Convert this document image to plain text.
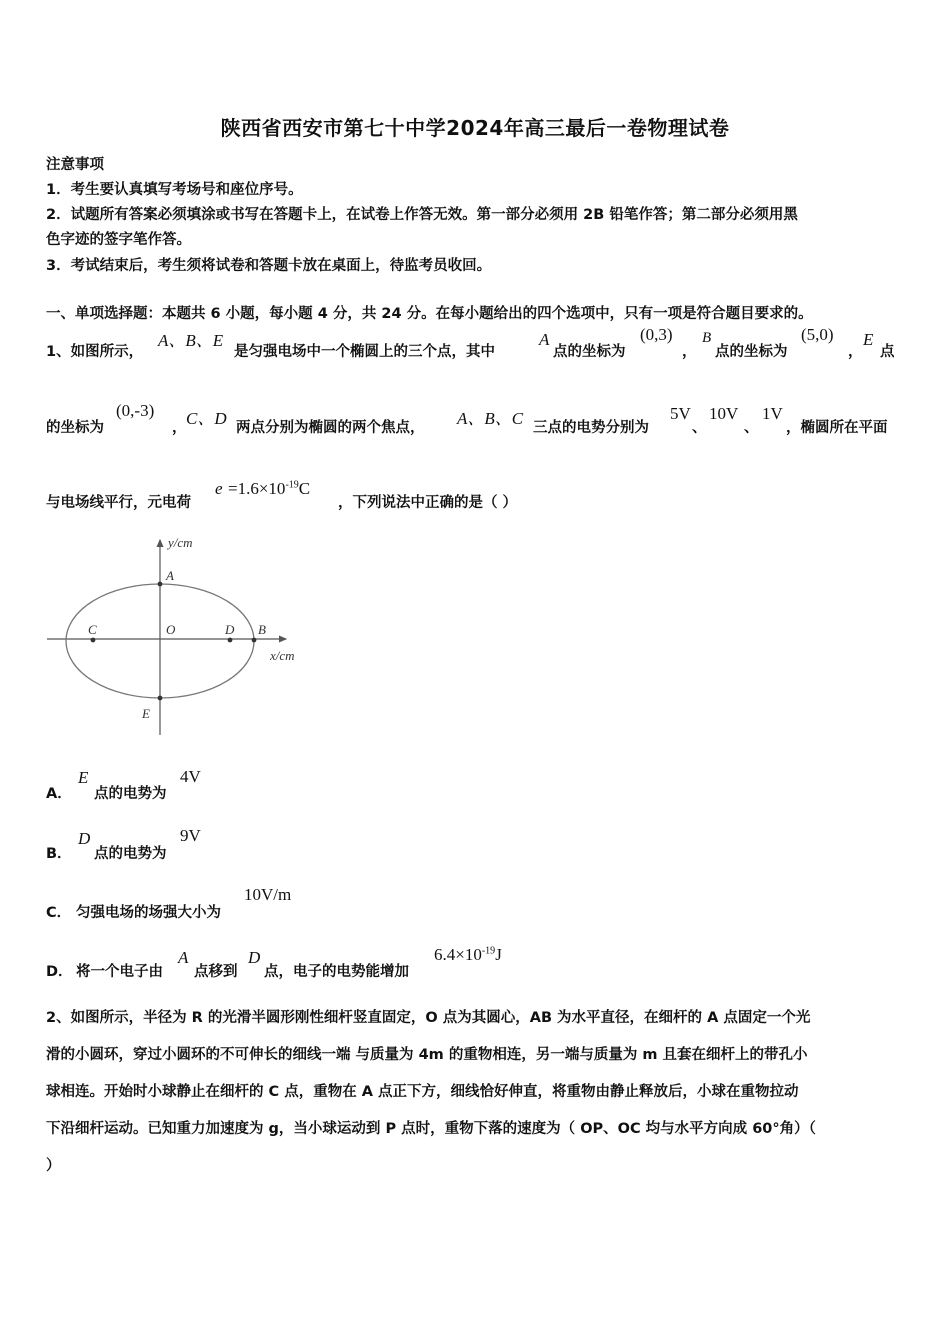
陕西省西安市第七十中学2024年高三最后一卷物理试卷
注意事项
1．考生要认真填写考场号和座位序号。
2．试题所有答案必须填涂或书写在答题卡上，在试卷上作答无效。第一部分必须用 2B 铅笔作答；第二部分必须用黑
色字迹的签字笔作答。
3．考试结束后，考生须将试卷和答题卡放在桌面上，待监考员收回。
一、单项选择题：本题共 6 小题，每小题 4 分，共 24 分。在每小题给出的四个选项中，只有一项是符合题目要求的。
1、如图所示，
A、B、E
是匀强电场中一个椭圆上的三个点，其中
A
点的坐标为
(0,3)
，
B
点的坐标为
(5,0)
，
E
点
的坐标为
(0,-3)
， C、D 两点分别为椭圆的两个焦点， A、B、C 三点的电势分别为
5V
、
10V
、
1V
，椭圆所在平面
与电场线平行，元电荷
$e =1.6\times 10^{-19}C$
，下列说法中正确的是（ ）
y/cm
x/cm
A
B
C	D
E
O
A．
E
点的电势为
4V
B．
D
点的电势为
9V
C． 匀强电场的场强大小为
10V/m
D． 将一个电子由
A
点移到
D
点，电子的电势能增加
$6.4\times 10^{-19}J$
2、如图所示，半径为 R 的光滑半圆形刚性细杆竖直固定，O 点为其圆心，AB 为水平直径，在细杆的 A 点固定一个光
滑的小圆环，穿过小圆环的不可伸长的细线一端 与质量为 4m 的重物相连，另一端与质量为 m 且套在细杆上的带孔小
球相连。开始时小球静止在细杆的 C 点，重物在 A 点正下方，细线恰好伸直，将重物由静止释放后，小球在重物拉动
下沿细杆运动。已知重力加速度为 g，当小球运动到 P 点时，重物下落的速度为（ OP、OC 均与水平方向成 60°角）（
）
